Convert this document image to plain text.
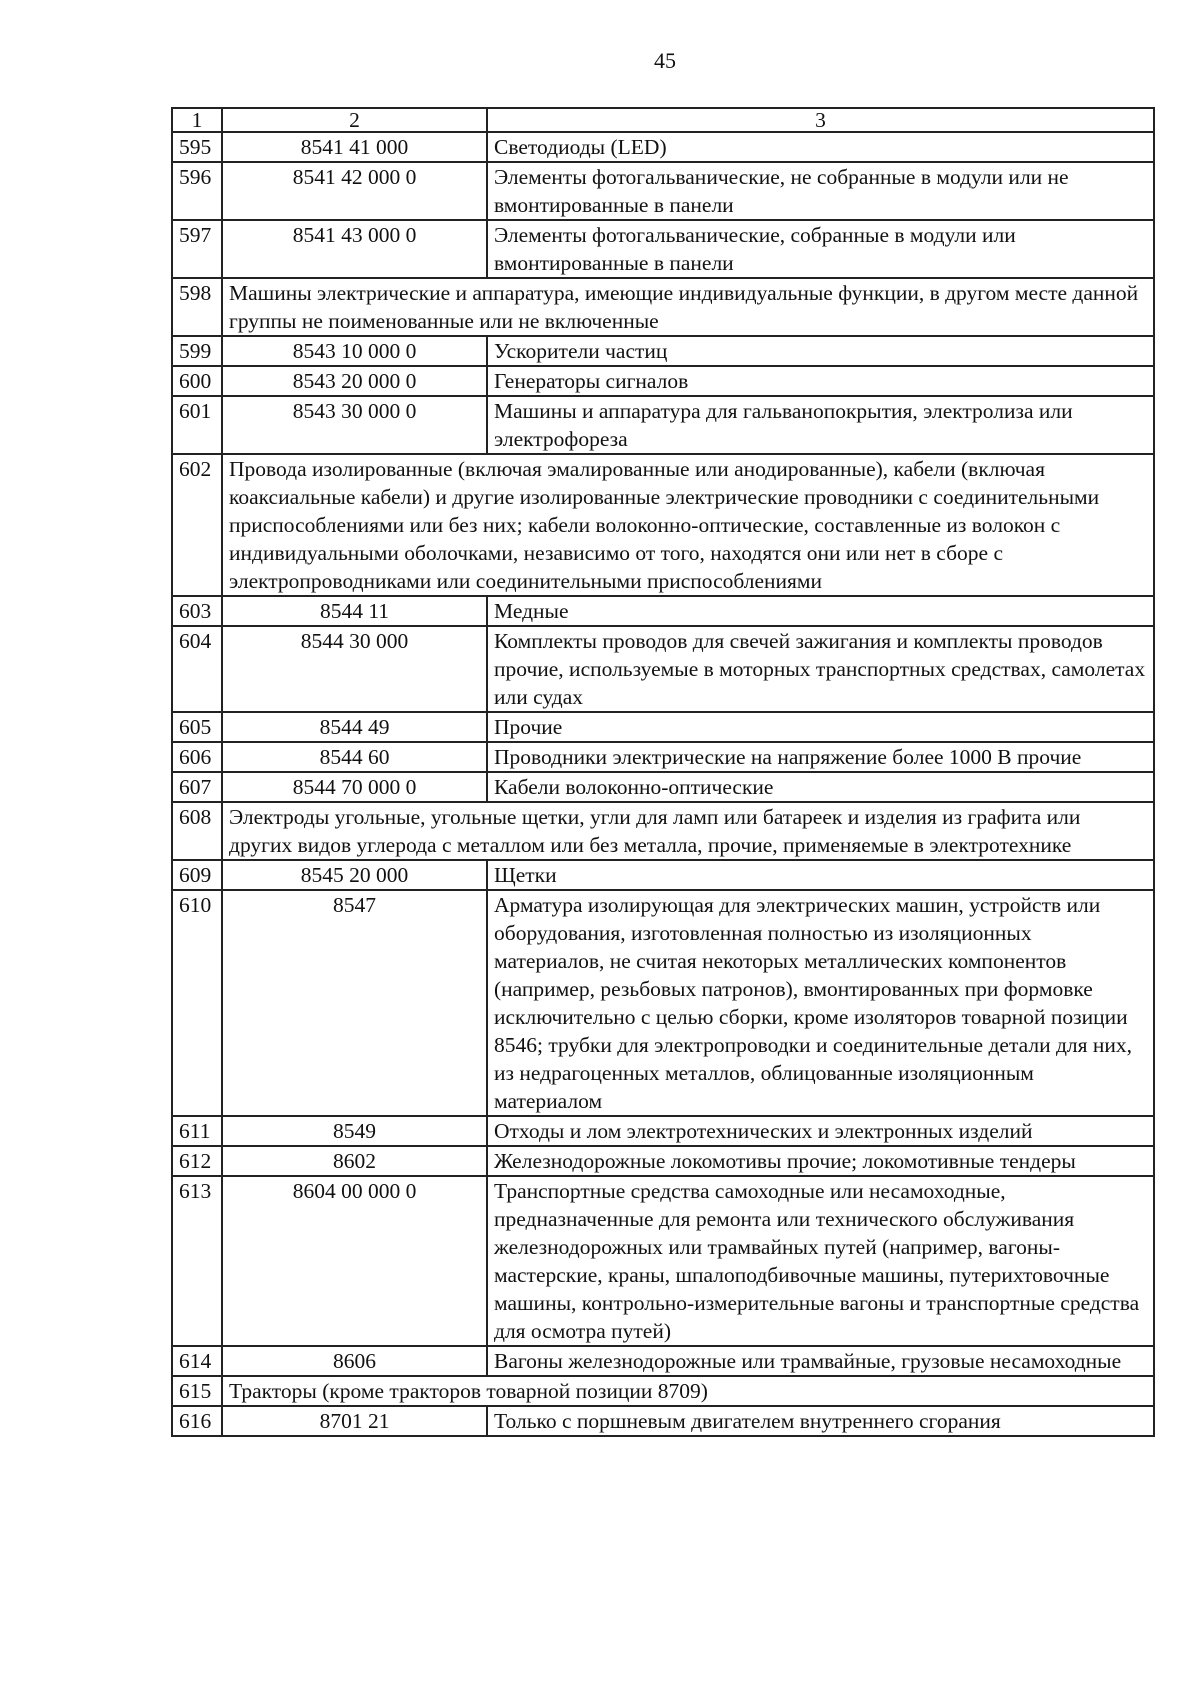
45
1	2	3
595	8541 41 000	Светодиоды (LED)
596	8541 42 000 0	Элементы фотогальванические, не собранные в модули или не вмонтированные в панели
597	8541 43 000 0	Элементы фотогальванические, собранные в модули или вмонтированные в панели
598	Машины электрические и аппаратура, имеющие индивидуальные функции, в другом месте данной группы не поименованные или не включенные	
599	8543 10 000 0	Ускорители частиц
600	8543 20 000 0	Генераторы сигналов
601	8543 30 000 0	Машины и аппаратура для гальванопокрытия, электролиза или электрофореза
602	Провода изолированные (включая эмалированные или анодированные), кабели (включая коаксиальные кабели) и другие изолированные электрические проводники с соединительными приспособлениями или без них; кабели волоконно-оптические, составленные из волокон с индивидуальными оболочками, независимо от того, находятся они или нет в сборе с электропроводниками или соединительными приспособлениями	
603	8544 11	Медные
604	8544 30 000	Комплекты проводов для свечей зажигания и комплекты проводов прочие, используемые в моторных транспортных средствах, самолетах или судах
605	8544 49	Прочие
606	8544 60	Проводники электрические на напряжение более 1000 В прочие
607	8544 70 000 0	Кабели волоконно-оптические
608	Электроды угольные, угольные щетки, угли для ламп или батареек и изделия из графита или других видов углерода с металлом или без металла, прочие, применяемые в электротехнике	
609	8545 20 000	Щетки
610	8547	Арматура изолирующая для электрических машин, устройств или оборудования, изготовленная полностью из изоляционных материалов, не считая некоторых металлических компонентов (например, резьбовых патронов), вмонтированных при формовке исключительно с целью сборки, кроме изоляторов товарной позиции 8546; трубки для электропроводки и соединительные детали для них, из недрагоценных металлов, облицованные изоляционным материалом
611	8549	Отходы и лом электротехнических и электронных изделий
612	8602	Железнодорожные локомотивы прочие; локомотивные тендеры
613	8604 00 000 0	Транспортные средства самоходные или несамоходные, предназначенные для ремонта или технического обслуживания железнодорожных или трамвайных путей (например, вагоны-мастерские, краны, шпалоподбивочные машины, путерихтовочные машины, контрольно-измерительные вагоны и транспортные средства для осмотра путей)
614	8606	Вагоны железнодорожные или трамвайные, грузовые несамоходные
615	Тракторы (кроме тракторов товарной позиции 8709)	
616	8701 21	Только с поршневым двигателем внутреннего сгорания
